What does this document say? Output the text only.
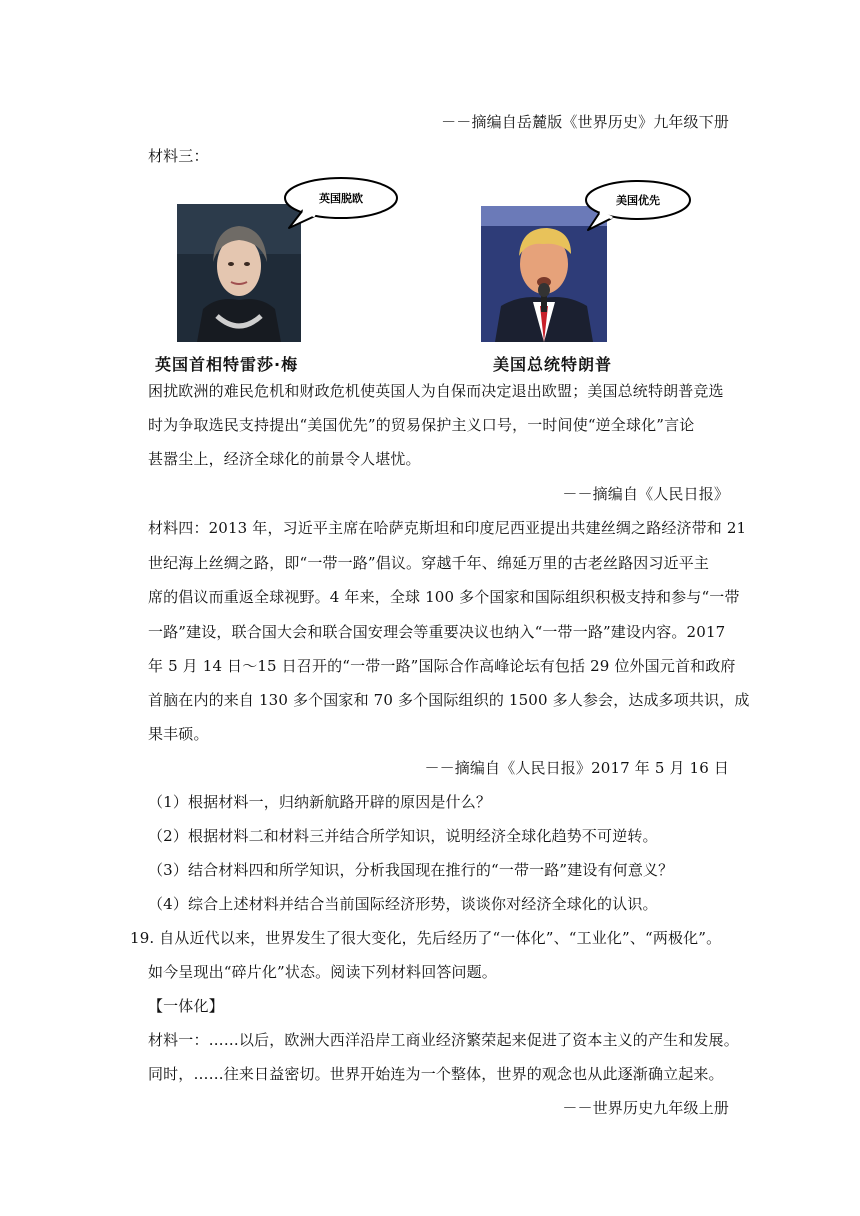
－－摘编自岳麓版《世界历史》九年级下册
材料三：
英国脱欧
英国首相特雷莎·梅
美国优先
美国总统特朗普
困扰欧洲的难民危机和财政危机使英国人为自保而决定退出欧盟；美国总统特朗普竞选
时为争取选民支持提出“美国优先”的贸易保护主义口号，一时间使“逆全球化”言论
甚嚣尘上，经济全球化的前景令人堪忧。
－－摘编自《人民日报》
材料四：2013 年，习近平主席在哈萨克斯坦和印度尼西亚提出共建丝绸之路经济带和 21
世纪海上丝绸之路，即“一带一路”倡议。穿越千年、绵延万里的古老丝路因习近平主
席的倡议而重返全球视野。4 年来，全球 100 多个国家和国际组织积极支持和参与“一带
一路”建设，联合国大会和联合国安理会等重要决议也纳入“一带一路”建设内容。2017
年 5 月 14 日～15 日召开的“一带一路”国际合作高峰论坛有包括 29 位外国元首和政府
首脑在内的来自 130 多个国家和 70 多个国际组织的 1500 多人参会，达成多项共识，成
果丰硕。
－－摘编自《人民日报》2017 年 5 月 16 日
（1）根据材料一，归纳新航路开辟的原因是什么？
（2）根据材料二和材料三并结合所学知识，说明经济全球化趋势不可逆转。
（3）结合材料四和所学知识，分析我国现在推行的“一带一路”建设有何意义？
（4）综合上述材料并结合当前国际经济形势，谈谈你对经济全球化的认识。
19. 自从近代以来，世界发生了很大变化，先后经历了“一体化”、“工业化”、“两极化”。
如今呈现出“碎片化”状态。阅读下列材料回答问题。
【一体化】
材料一：……以后，欧洲大西洋沿岸工商业经济繁荣起来促进了资本主义的产生和发展。
同时，……往来日益密切。世界开始连为一个整体，世界的观念也从此逐渐确立起来。
－－世界历史九年级上册
